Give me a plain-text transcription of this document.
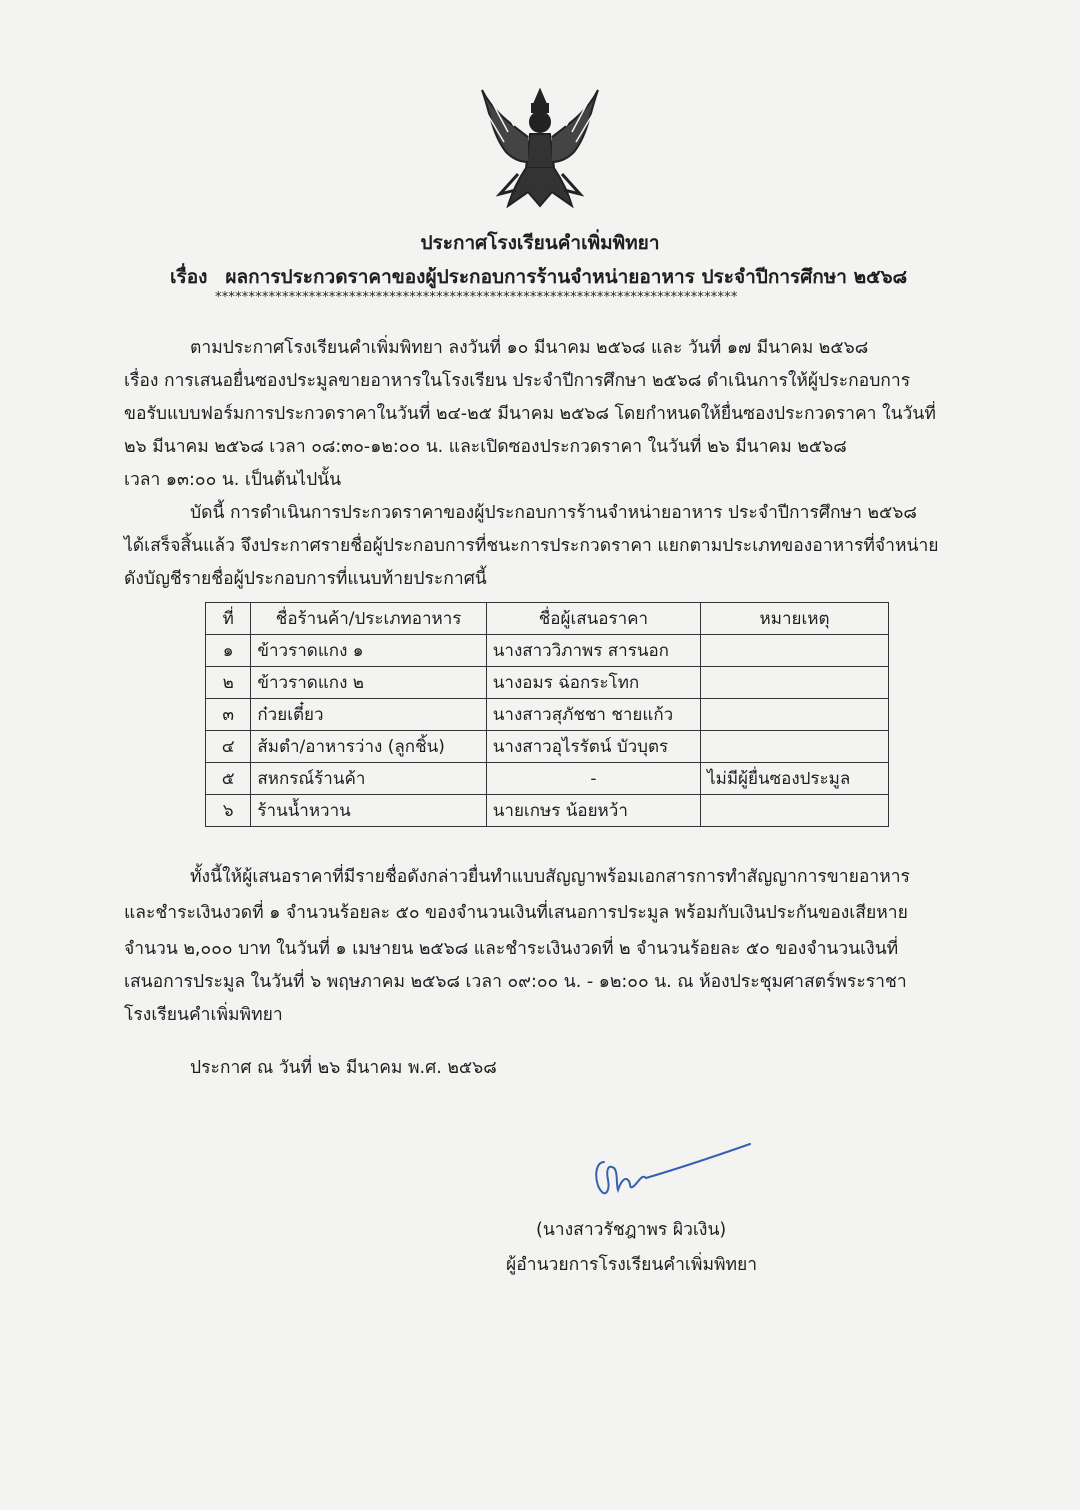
ประกาศโรงเรียนคำเพิ่มพิทยา
เรื่อง ผลการประกวดราคาของผู้ประกอบการร้านจำหน่ายอาหาร ประจำปีการศึกษา ๒๕๖๘
******************************************************************************
ตามประกาศโรงเรียนคำเพิ่มพิทยา ลงวันที่ ๑๐ มีนาคม ๒๕๖๘ และ วันที่ ๑๗ มีนาคม ๒๕๖๘
เรื่อง การเสนอยื่นซองประมูลขายอาหารในโรงเรียน ประจำปีการศึกษา ๒๕๖๘ ดำเนินการให้ผู้ประกอบการ
ขอรับแบบฟอร์มการประกวดราคาในวันที่ ๒๔-๒๕ มีนาคม ๒๕๖๘ โดยกำหนดให้ยื่นซองประกวดราคา ในวันที่
๒๖ มีนาคม ๒๕๖๘ เวลา ๐๘:๓๐-๑๒:๐๐ น. และเปิดซองประกวดราคา ในวันที่ ๒๖ มีนาคม ๒๕๖๘
เวลา ๑๓:๐๐ น. เป็นต้นไปนั้น
บัดนี้ การดำเนินการประกวดราคาของผู้ประกอบการร้านจำหน่ายอาหาร ประจำปีการศึกษา ๒๕๖๘
ได้เสร็จสิ้นแล้ว จึงประกาศรายชื่อผู้ประกอบการที่ชนะการประกวดราคา แยกตามประเภทของอาหารที่จำหน่าย
ดังบัญชีรายชื่อผู้ประกอบการที่แนบท้ายประกาศนี้
ที่	ชื่อร้านค้า/ประเภทอาหาร	ชื่อผู้เสนอราคา	หมายเหตุ
๑	ข้าวราดแกง ๑	นางสาววิภาพร สารนอก	
๒	ข้าวราดแกง ๒	นางอมร ฉ่อกระโทก	
๓	ก๋วยเตี๋ยว	นางสาวสุภัชชา ชายแก้ว	
๔	ส้มตำ/อาหารว่าง (ลูกชิ้น)	นางสาวอุไรรัตน์ บัวบุตร	
๕	สหกรณ์ร้านค้า	-	ไม่มีผู้ยื่นซองประมูล
๖	ร้านน้ำหวาน	นายเกษร น้อยหว้า	
ทั้งนี้ให้ผู้เสนอราคาที่มีรายชื่อดังกล่าวยื่นทำแบบสัญญาพร้อมเอกสารการทำสัญญาการขายอาหาร
และชำระเงินงวดที่ ๑ จำนวนร้อยละ ๕๐ ของจำนวนเงินที่เสนอการประมูล พร้อมกับเงินประกันของเสียหาย
จำนวน ๒,๐๐๐ บาท ในวันที่ ๑ เมษายน ๒๕๖๘ และชำระเงินงวดที่ ๒ จำนวนร้อยละ ๕๐ ของจำนวนเงินที่
เสนอการประมูล ในวันที่ ๖ พฤษภาคม ๒๕๖๘ เวลา ๐๙:๐๐ น. - ๑๒:๐๐ น. ณ ห้องประชุมศาสตร์พระราชา
โรงเรียนคำเพิ่มพิทยา
ประกาศ ณ วันที่ ๒๖ มีนาคม พ.ศ. ๒๕๖๘
(นางสาวรัชฎาพร ผิวเงิน)
ผู้อำนวยการโรงเรียนคำเพิ่มพิทยา
